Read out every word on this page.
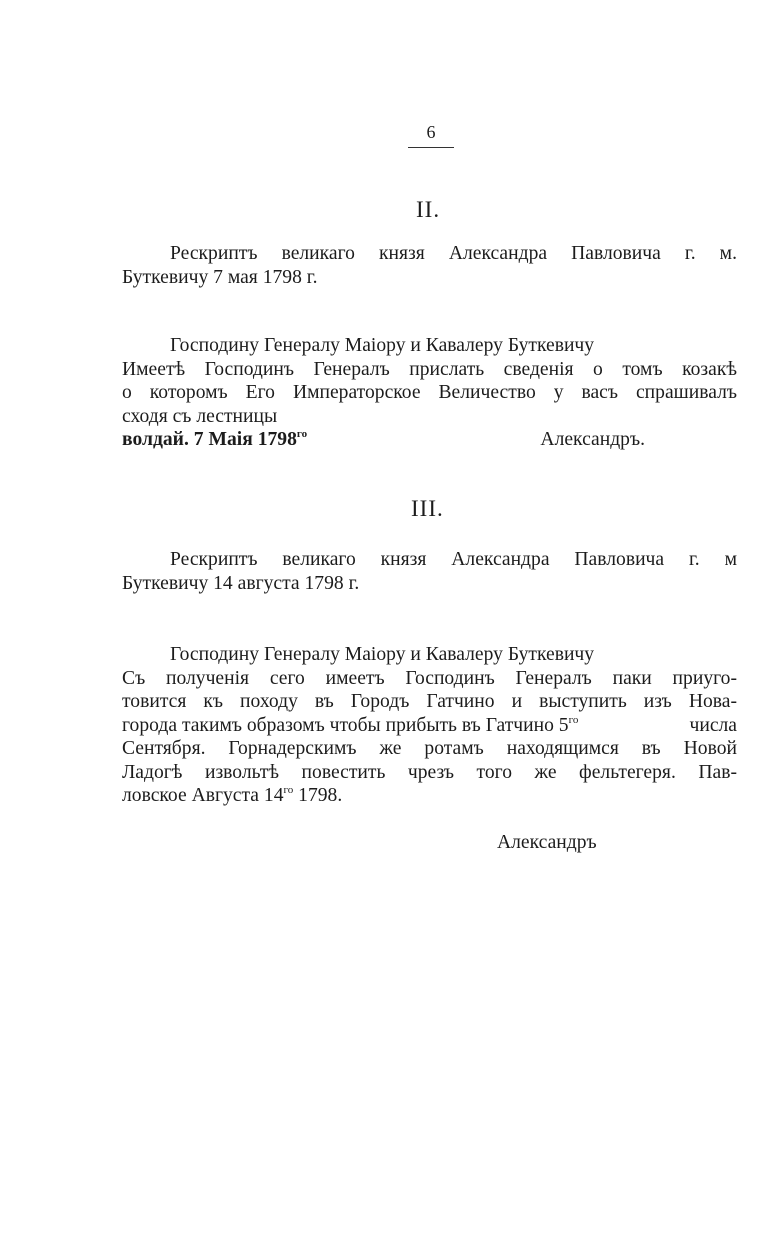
6
II.
Рескриптъ великаго князя Александра Павловича г. м.
Буткевичу 7 мая 1798 г.
Господину Генералу Маіору и Кавалеру Буткевичу
Имеетѣ Господинъ Генералъ прислать сведенія о томъ козакѣ
о которомъ Его Императорское Величество у васъ спрашивалъ
сходя съ лестницы
волдай. 7 Маія $1798^{го}$	Александръ.
III.
Рескриптъ великаго князя Александра Павловича г. м
Буткевичу 14 августа 1798 г.
Господину Генералу Маіору и Кавалеру Буткевичу
Съ полученія сего имеетъ Господинъ Генералъ паки приуго-
товится къ походу въ Городъ Гатчино и выступить изъ Нова-
города такимъ образомъ чтобы прибыть въ Гатчино $5^{го}$	числа
Сентября. Горнадерскимъ же ротамъ находящимся въ Новой
Ладогѣ извольтѣ повестить чрезъ того же фельтегеря. Пав-
ловское Августа $14^{го}$ 1798.
Александръ
